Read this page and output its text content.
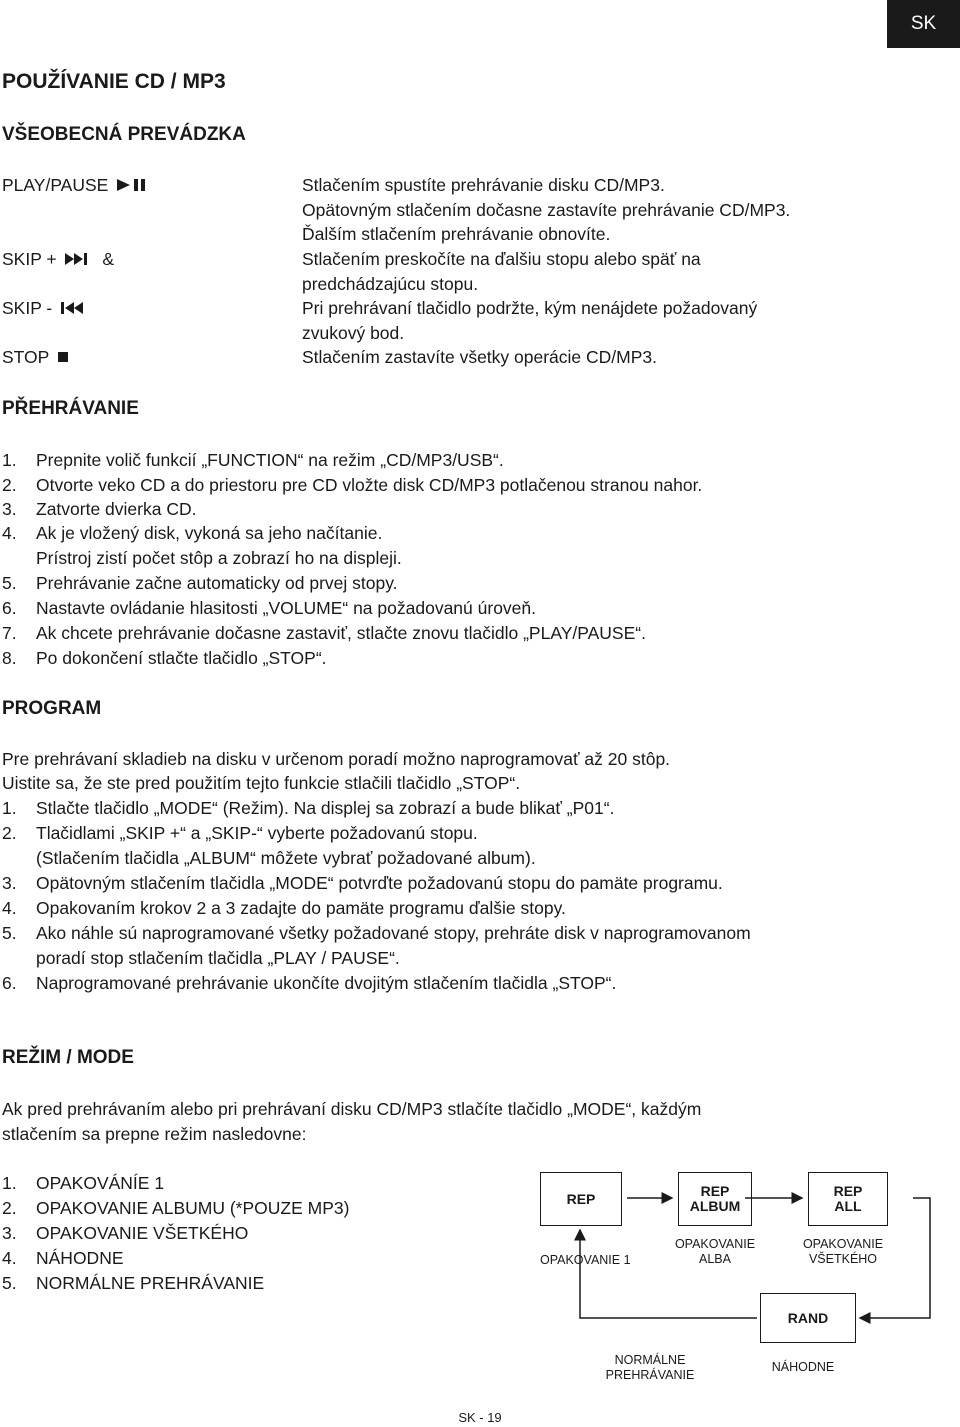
SK
POUŽÍVANIE CD / MP3
VŠEOBECNÁ PREVÁDZKA
PLAY/PAUSE	Stlačením spustíte prehrávanie disku CD/MP3.
Opätovným stlačením dočasne zastavíte prehrávanie CD/MP3.
Ďalším stlačením prehrávanie obnovíte.
SKIP +	&	Stlačením preskočíte na ďalšiu stopu alebo späť na
predchádzajúcu stopu.
SKIP -	Pri prehrávaní tlačidlo podržte, kým nenájdete požadovaný
zvukový bod.
STOP	Stlačením zastavíte všetky operácie CD/MP3.
PŘEHRÁVANIE
1. Prepnite volič funkcií „FUNCTION“ na režim „CD/MP3/USB“.
2. Otvorte veko CD a do priestoru pre CD vložte disk CD/MP3 potlačenou stranou nahor.
3. Zatvorte dvierka CD.
4. Ak je vložený disk, vykoná sa jeho načítanie.
Prístroj zistí počet stôp a zobrazí ho na displeji.
5. Prehrávanie začne automaticky od prvej stopy.
6. Nastavte ovládanie hlasitosti „VOLUME“ na požadovanú úroveň.
7. Ak chcete prehrávanie dočasne zastaviť, stlačte znovu tlačidlo „PLAY/PAUSE“.
8. Po dokončení stlačte tlačidlo „STOP“.
PROGRAM
Pre prehrávaní skladieb na disku v určenom poradí možno naprogramovať až 20 stôp.
Uistite sa, že ste pred použitím tejto funkcie stlačili tlačidlo „STOP“.
1. Stlačte tlačidlo „MODE“ (Režim). Na displej sa zobrazí a bude blikať „P01“.
2. Tlačidlami „SKIP +“ a „SKIP-“ vyberte požadovanú stopu.
(Stlačením tlačidla „ALBUM“ môžete vybrať požadované album).
3. Opätovným stlačením tlačidla „MODE“ potvrďte požadovanú stopu do pamäte programu.
4. Opakovaním krokov 2 a 3 zadajte do pamäte programu ďalšie stopy.
5. Ako náhle sú naprogramované všetky požadované stopy, prehráte disk v naprogramovanom
poradí stop stlačením tlačidla „PLAY / PAUSE“.
6. Naprogramované prehrávanie ukončíte dvojitým stlačením tlačidla „STOP“.
REŽIM / MODE
Ak pred prehrávaním alebo pri prehrávaní disku CD/MP3 stlačíte tlačidlo „MODE“, každým
stlačením sa prepne režim nasledovne:
1. OPAKOVÁNÍE 1
2. OPAKOVANIE ALBUMU (*POUZE MP3)
3. OPAKOVANIE VŠETKÉHO
4. NÁHODNE
5. NORMÁLNE PREHRÁVANIE
REP	REP
ALBUM
REP
ALL
RAND
OPAKOVANIE 1
OPAKOVANIE
ALBA
OPAKOVANIE
VŠETKÉHO
NORMÁLNE
PREHRÁVANIE
NÁHODNE
SK - 19
